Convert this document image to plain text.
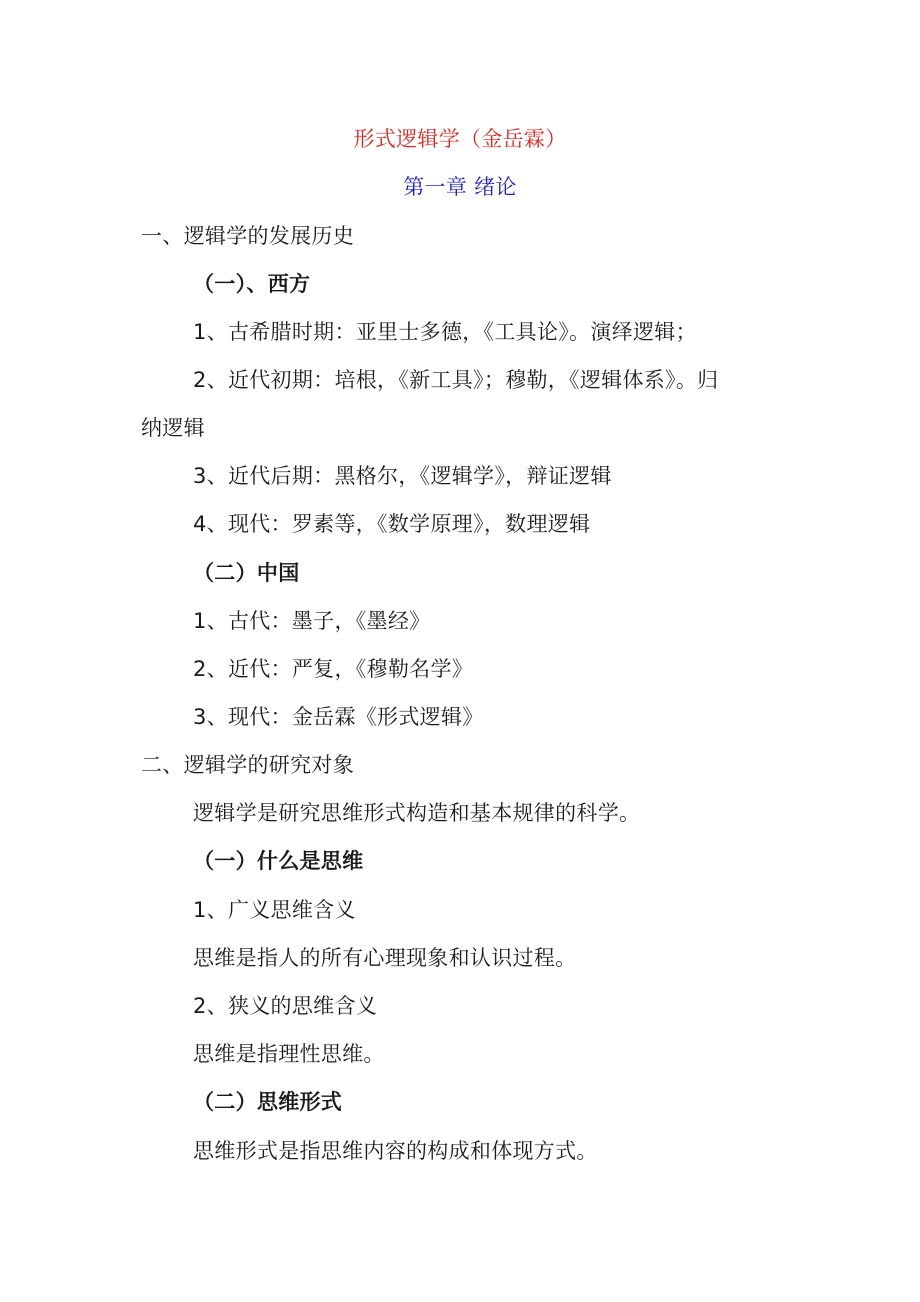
形式逻辑学（金岳霖）
第一章 绪论
一、逻辑学的发展历史
（一）、西方
1、古希腊时期：亚里士多德，《工具论》。演绎逻辑；
2、近代初期：培根，《新工具》；穆勒，《逻辑体系》。归
纳逻辑
3、近代后期：黑格尔，《逻辑学》，辩证逻辑
4、现代：罗素等，《数学原理》，数理逻辑
（二）中国
1、古代：墨子，《墨经》
2、近代：严复，《穆勒名学》
3、现代：金岳霖《形式逻辑》
二、逻辑学的研究对象
逻辑学是研究思维形式构造和基本规律的科学。
（一）什么是思维
1、广义思维含义
思维是指人的所有心理现象和认识过程。
2、狭义的思维含义
思维是指理性思维。
（二）思维形式
思维形式是指思维内容的构成和体现方式。
